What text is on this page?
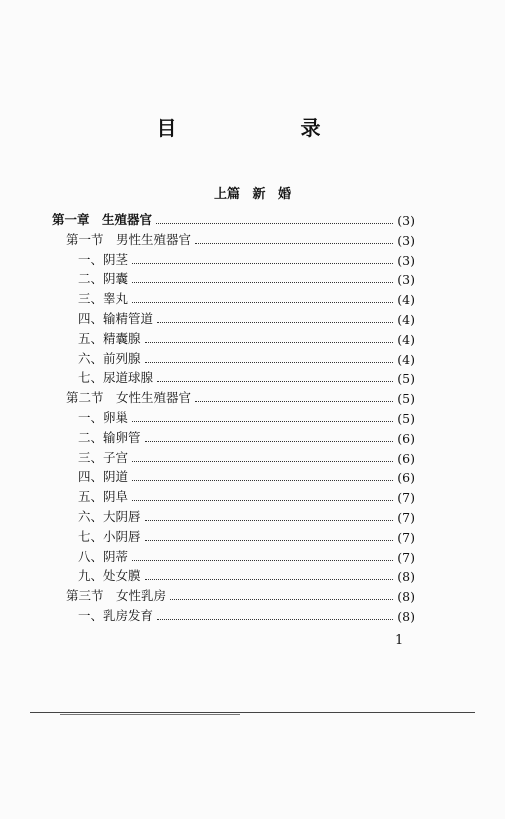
目　　录
上篇 新 婚
第一章　生殖器官	(3)
第一节　男性生殖器官	(3)
一、阴茎	(3)
二、阴囊	(3)
三、睾丸	(4)
四、输精管道	(4)
五、精囊腺	(4)
六、前列腺	(4)
七、尿道球腺	(5)
第二节　女性生殖器官	(5)
一、卵巢	(5)
二、输卵管	(6)
三、子宫	(6)
四、阴道	(6)
五、阴阜	(7)
六、大阴唇	(7)
七、小阴唇	(7)
八、阴蒂	(7)
九、处女膜	(8)
第三节　女性乳房	(8)
一、乳房发育	(8)
1
